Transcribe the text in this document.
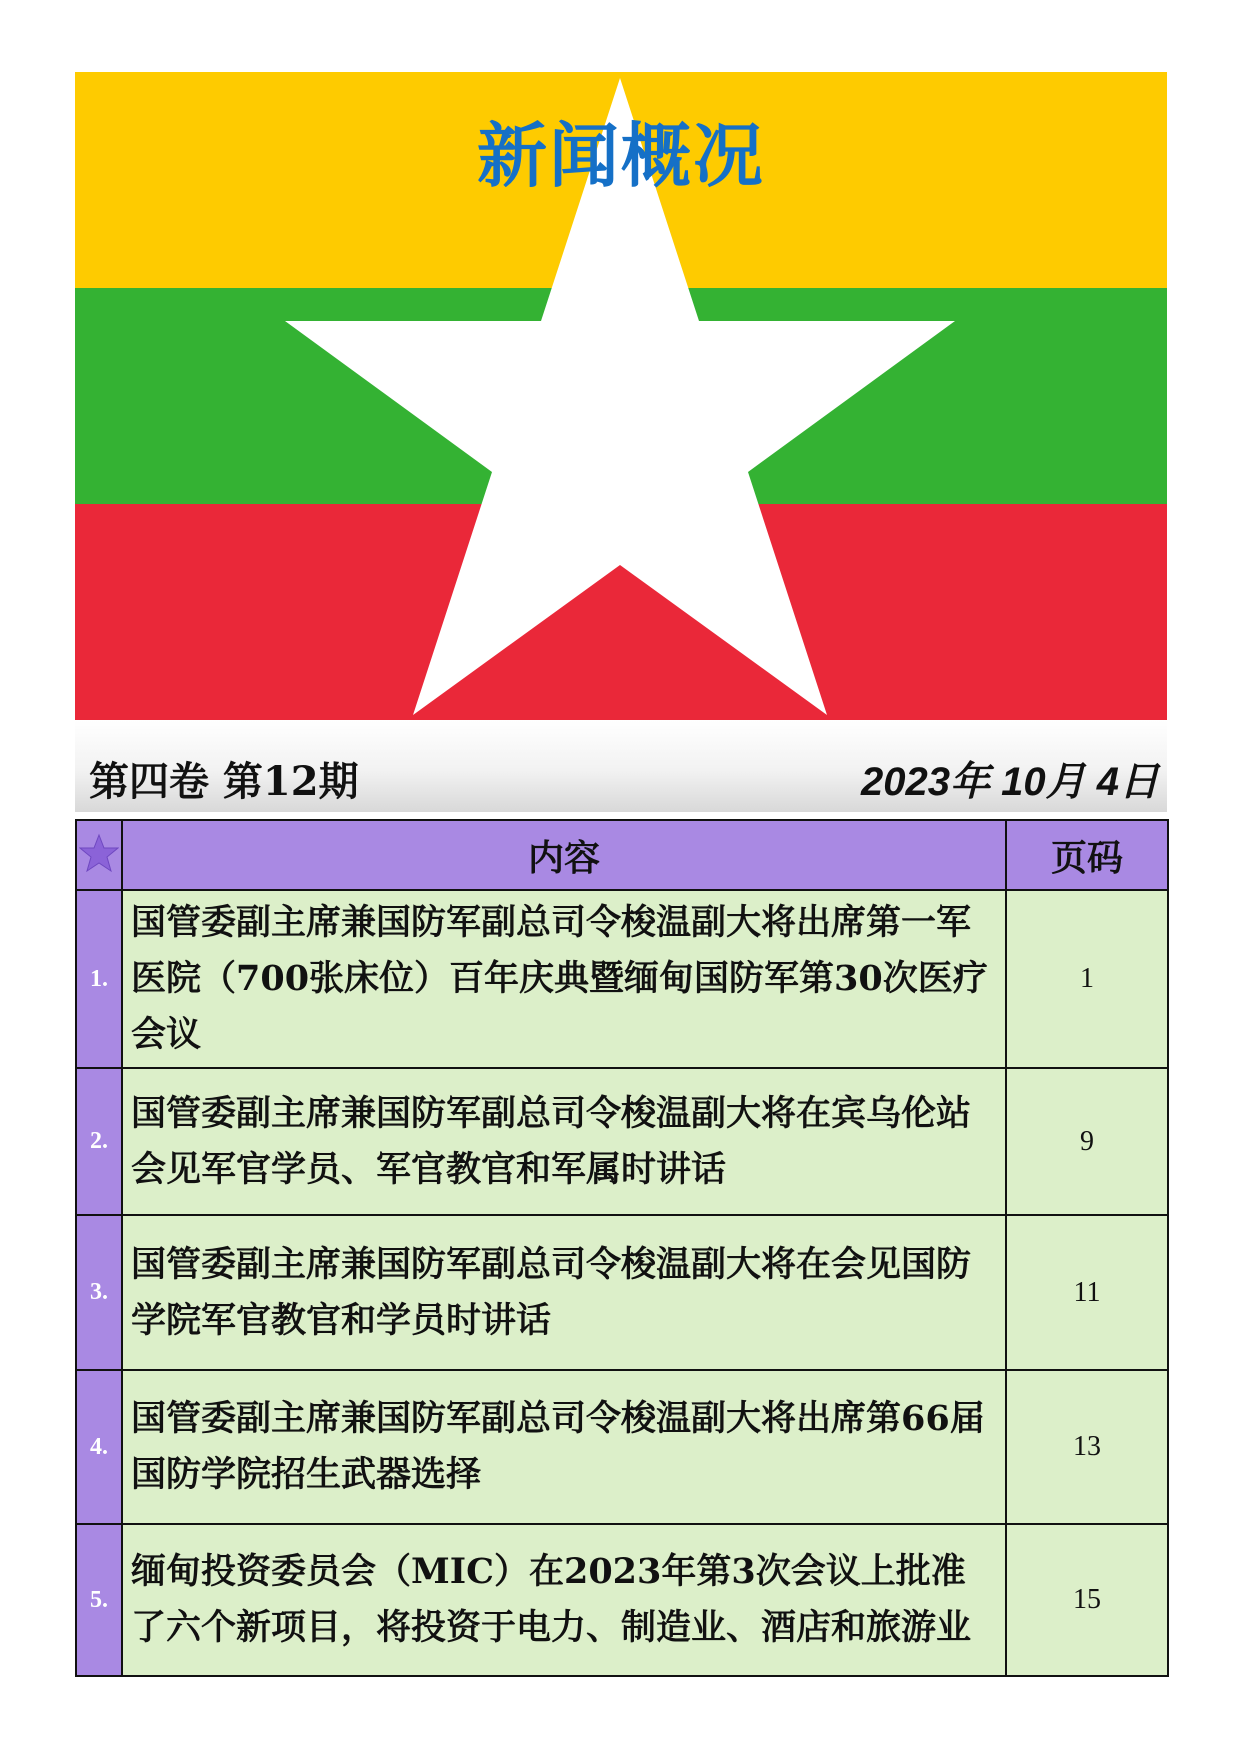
新闻概况
第四卷 第12期	2023年 10月 4日
	内容	页码
1.	国管委副主席兼国防军副总司令梭温副大将出席第一军医院（700张床位）百年庆典暨缅甸国防军第30次医疗会议	1
2.	国管委副主席兼国防军副总司令梭温副大将在宾乌伦站会见军官学员、军官教官和军属时讲话	9
3.	国管委副主席兼国防军副总司令梭温副大将在会见国防学院军官教官和学员时讲话	11
4.	国管委副主席兼国防军副总司令梭温副大将出席第66届国防学院招生武器选择	13
5.	缅甸投资委员会（MIC）在2023年第3次会议上批准了六个新项目，将投资于电力、制造业、酒店和旅游业	15
